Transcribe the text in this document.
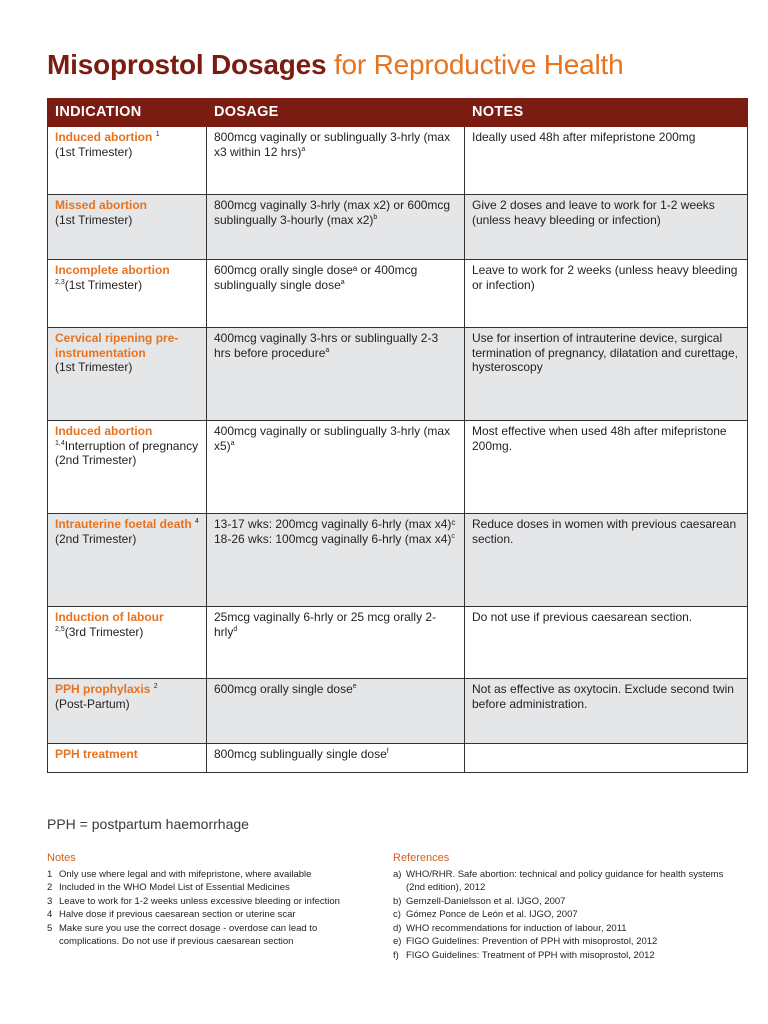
Misoprostol Dosages for Reproductive Health
INDICATION	DOSAGE	NOTES
Induced abortion $^1$
(1st Trimester)	800mcg vaginally or sublingually 3-hrly (max x3 within 12 hrs)$^a$	Ideally used 48h after mifepristone 200mg
Missed abortion
(1st Trimester)	800mcg vaginally 3-hrly (max x2) or 600mcg sublingually 3-hourly (max x2)$^b$	Give 2 doses and leave to work for 1-2 weeks (unless heavy bleeding or infection)
Incomplete abortion
$^{2,3}$(1st Trimester)	600mcg orally single doseᵃ or 400mcg sublingually single dose$^a$	Leave to work for 2 weeks (unless heavy bleeding or infection)
Cervical ripening pre-instrumentation
(1st Trimester)	400mcg vaginally 3-hrs or sublingually 2-3 hrs before procedure$^a$	Use for insertion of intrauterine device, surgical termination of pregnancy, dilatation and curettage, hysteroscopy
Induced abortion
$^{1,4}$Interruption of pregnancy (2nd Trimester)	400mcg vaginally or sublingually 3-hrly (max x5)$^a$	Most effective when used 48h after mifepristone 200mg.
Intrauterine foetal death $^4$
(2nd Trimester)	13-17 wks: 200mcg vaginally 6-hrly (max x4)ᶜ 18-26 wks: 100mcg vaginally 6-hrly (max x4)$^c$	Reduce doses in women with previous caesarean section.
Induction of labour
$^{2,5}$(3rd Trimester)	25mcg vaginally 6-hrly or 25 mcg orally 2-hrly$^d$	Do not use if previous caesarean section.
PPH prophylaxis $^2$
(Post-Partum)	600mcg orally single dose$^e$	Not as effective as oxytocin. Exclude second twin before administration.
PPH treatment	800mcg sublingually single dose$^f$	
PPH = postpartum haemorrhage
Notes
1 Only use where legal and with mifepristone, where available
2 Included in the WHO Model List of Essential Medicines
3 Leave to work for 1-2 weeks unless excessive bleeding or infection
4 Halve dose if previous caesarean section or uterine scar
5 Make sure you use the correct dosage - overdose can lead to complications. Do not use if previous caesarean section
References
a) WHO/RHR. Safe abortion: technical and policy guidance for health systems (2nd edition), 2012
b) Gemzell-Danielsson et al. IJGO, 2007
c) Gómez Ponce de León et al. IJGO, 2007
d) WHO recommendations for induction of labour, 2011
e) FIGO Guidelines: Prevention of PPH with misoprostol, 2012
f) FIGO Guidelines: Treatment of PPH with misoprostol, 2012
